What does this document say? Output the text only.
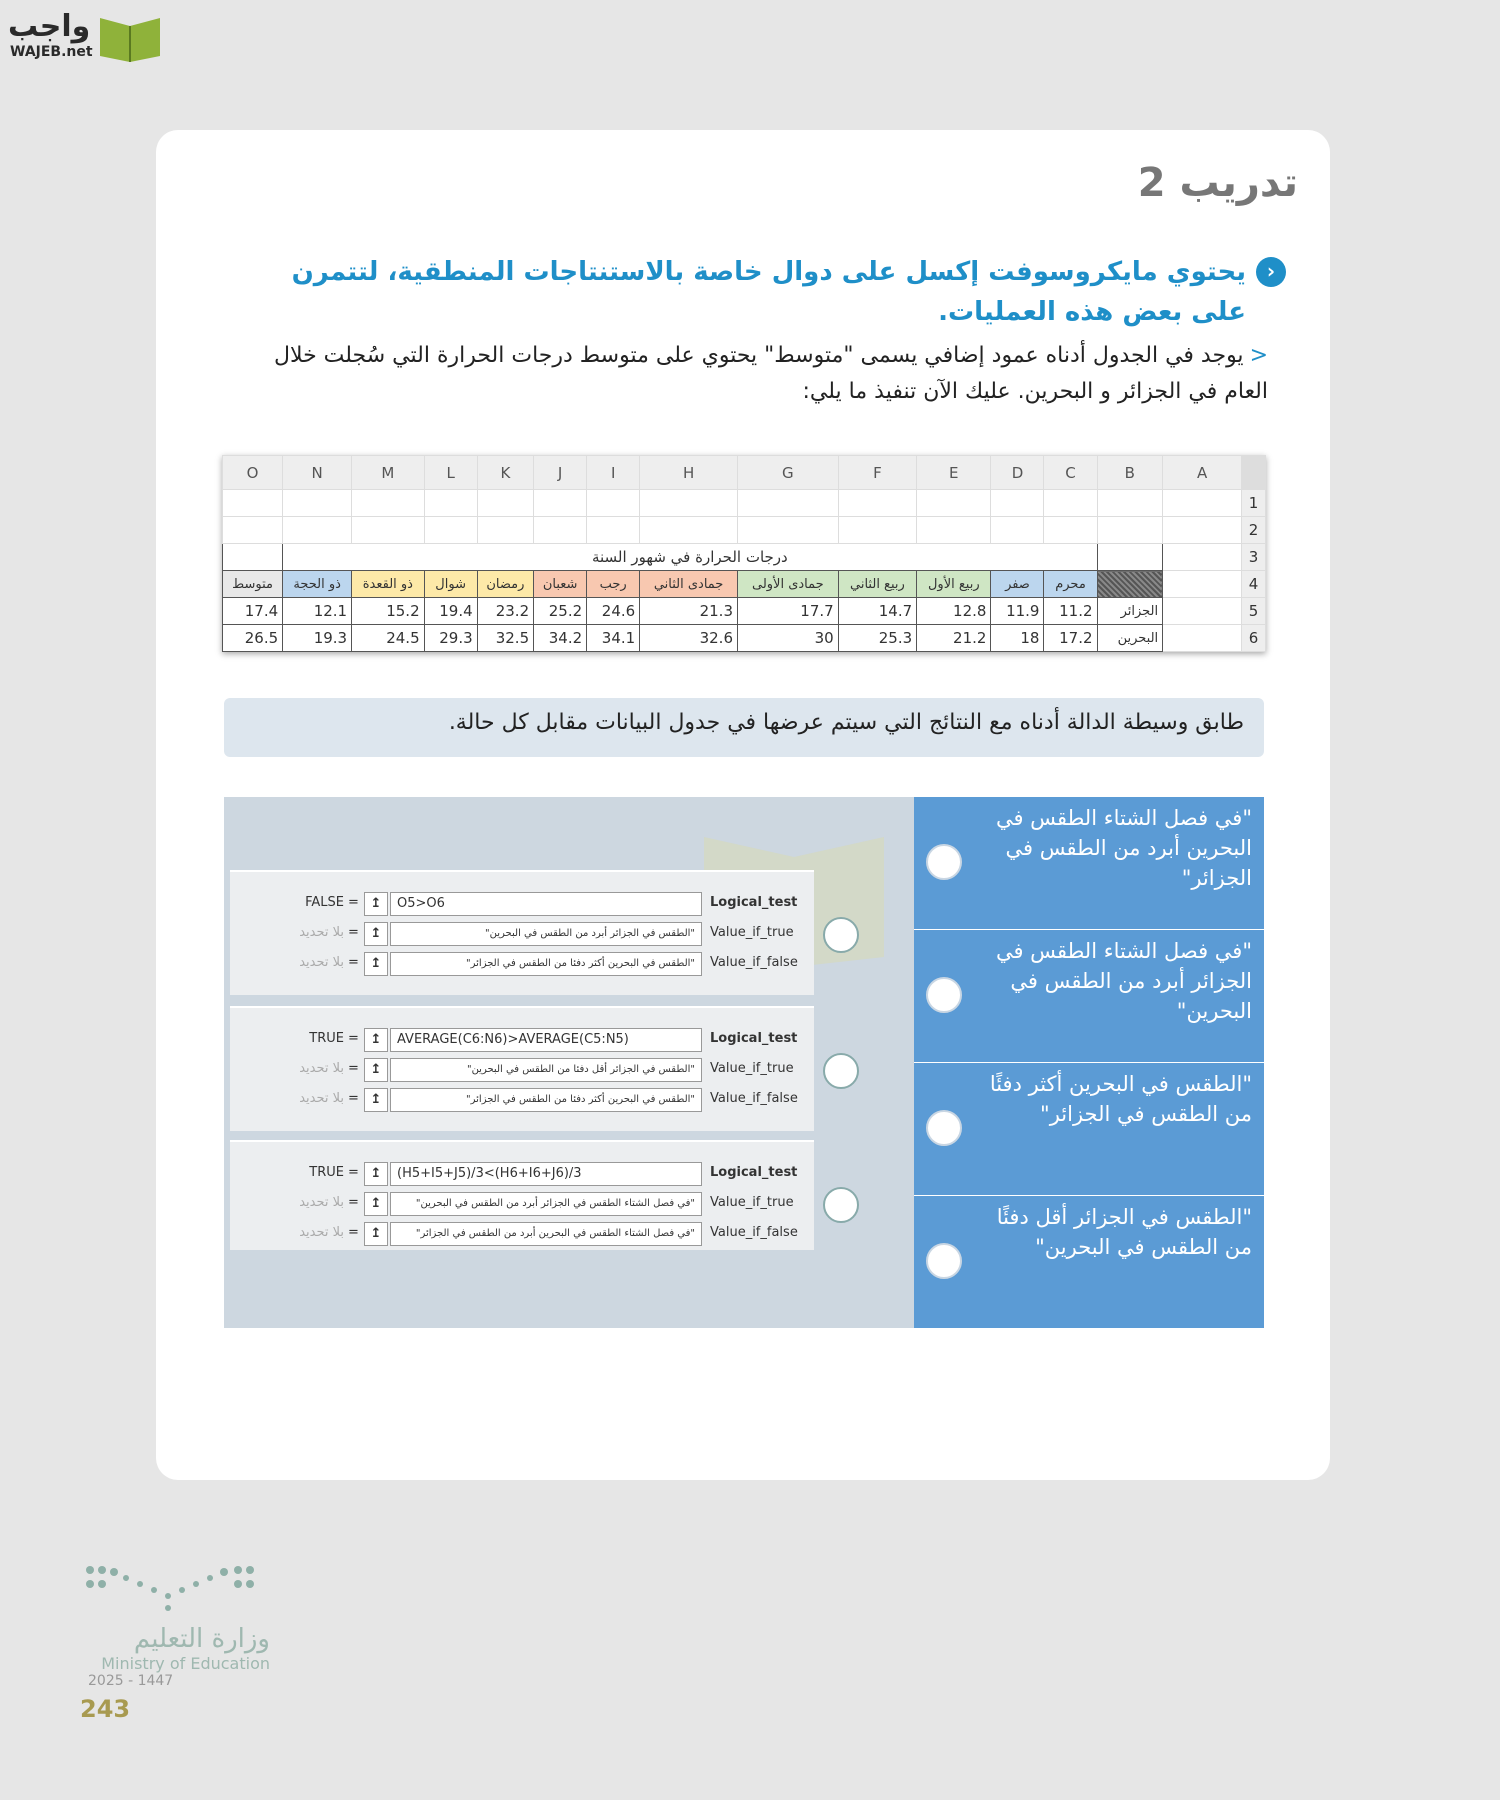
واجب
WAJEB.net
تدريب 2
‹
يحتوي مايكروسوفت إكسل على دوال خاصة بالاستنتاجات المنطقية، لتتمرن على بعض هذه العمليات.
<يوجد في الجدول أدناه عمود إضافي يسمى "متوسط" يحتوي على متوسط درجات الحرارة التي سُجلت خلال العام في الجزائر و البحرين. عليك الآن تنفيذ ما يلي:
O	N	M	L	K	J	I	H	G	F	E	D	C	B	A	
															1
															2
	درجات الحرارة في شهور السنة														3
متوسط	ذو الحجة	ذو القعدة	شوال	رمضان	شعبان	رجب	جمادى الثاني	جمادى الأولى	ربيع الثاني	ربيع الأول	صفر	محرم			4
17.4	12.1	15.2	19.4	23.2	25.2	24.6	21.3	17.7	14.7	12.8	11.9	11.2	الجزائر		5
26.5	19.3	24.5	29.3	32.5	34.2	34.1	32.6	30	25.3	21.2	18	17.2	البحرين		6
طابق وسيطة الدالة أدناه مع النتائج التي سيتم عرضها في جدول البيانات مقابل كل حالة.
"في فصل الشتاء الطقس في البحرين أبرد من الطقس في الجزائر"
"في فصل الشتاء الطقس في الجزائر أبرد من الطقس في البحرين"
"الطقس في البحرين أكثر دفئًا من الطقس في الجزائر"
"الطقس في الجزائر أقل دفئًا من الطقس في البحرين"
FALSE = ↥	O5>O6	Logical_test
بلا تحديد = ↥	"الطقس في الجزائر أبرد من الطقس في البحرين"	Value_if_true
بلا تحديد = ↥	"الطقس في البحرين أكثر دفئا من الطقس في الجزائر"	Value_if_false
TRUE = ↥	AVERAGE(C6:N6)>AVERAGE(C5:N5)	Logical_test
بلا تحديد = ↥	"الطقس في الجزائر أقل دفئا من الطقس في البحرين"	Value_if_true
بلا تحديد = ↥	"الطقس في البحرين أكثر دفئا من الطقس في الجزائر"	Value_if_false
TRUE = ↥	(H5+I5+J5)/3<(H6+I6+J6)/3	Logical_test
بلا تحديد = ↥	"في فصل الشتاء الطقس في الجزائر أبرد من الطقس في البحرين"	Value_if_true
بلا تحديد = ↥	"في فصل الشتاء الطقس في البحرين أبرد من الطقس في الجزائر"	Value_if_false
وزارة التعليم
Ministry of Education
2025 - 1447
243
